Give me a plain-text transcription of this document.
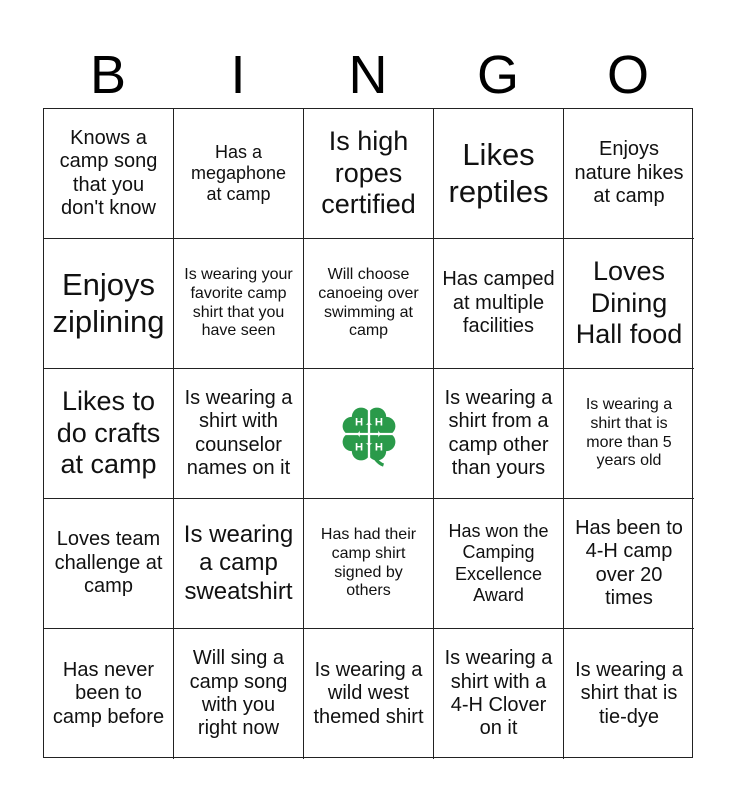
B	I	N	G	O
Knows a camp song that you don't know
Has a megaphone at camp
Is high ropes certified
Likes reptiles
Enjoys nature hikes at camp
Enjoys ziplining
Is wearing your favorite camp shirt that you have seen
Will choose canoeing over swimming at camp
Has camped at multiple facilities
Loves Dining Hall food
Likes to do crafts at camp
Is wearing a shirt with counselor names on it
H H
H H
Is wearing a shirt from a camp other than yours
Is wearing a shirt that is more than 5 years old
Loves team challenge at camp
Is wearing a camp sweatshirt
Has had their camp shirt signed by others
Has won the Camping Excellence Award
Has been to 4-H camp over 20 times
Has never been to camp before
Will sing a camp song with you right now
Is wearing a wild west themed shirt
Is wearing a shirt with a 4-H Clover on it
Is wearing a shirt that is tie-dye
